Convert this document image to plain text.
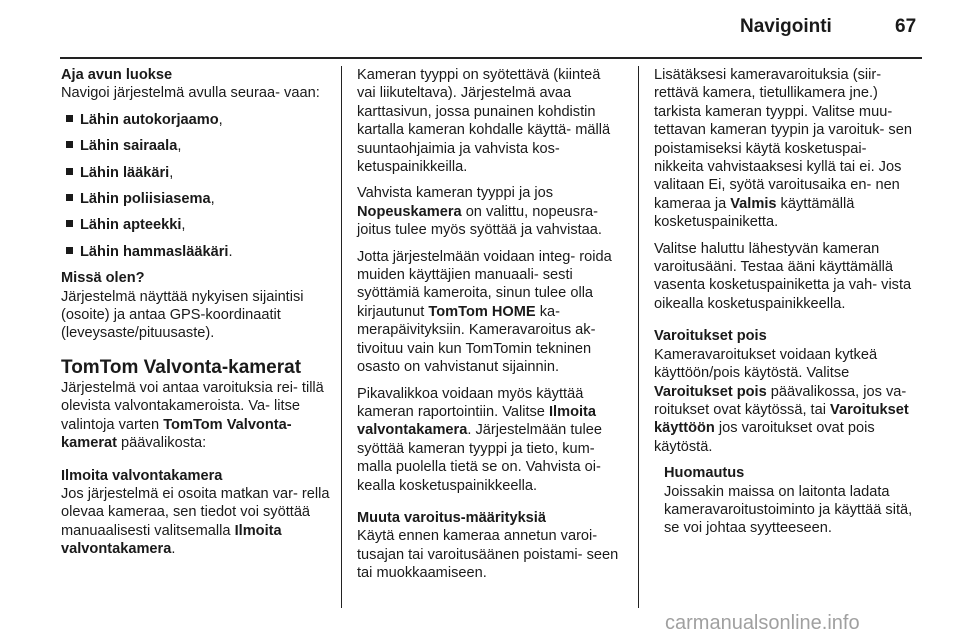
Navigointi	67
Aja avun luokse

Navigoi järjestelmä avulla seuraa- vaan:

Lähin autokorjaamo,
Lähin sairaala,
Lähin lääkäri,
Lähin poliisiasema,
Lähin apteekki,
Lähin hammaslääkäri.
Missä olen?

Järjestelmä näyttää nykyisen sijaintisi (osoite) ja antaa GPS-koordinaatit (leveysaste/pituusaste).

TomTom Valvonta-kamerat

Järjestelmä voi antaa varoituksia rei- tillä olevista valvontakameroista. Va- litse valintoja varten TomTom Valvonta-kamerat päävalikosta:

Ilmoita valvontakamera

Jos järjestelmä ei osoita matkan var- rella olevaa kameraa, sen tiedot voi syöttää manuaalisesti valitsemalla Ilmoita valvontakamera.

Kameran tyyppi on syötettävä (kiinteä vai liikuteltava). Järjestelmä avaa karttasivun, jossa punainen kohdistin kartalla kameran kohdalle käyttä- mällä suuntaohjaimia ja vahvista kos- ketuspainikkeilla.

Vahvista kameran tyyppi ja jos Nopeuskamera on valittu, nopeusra- joitus tulee myös syöttää ja vahvistaa.

Jotta järjestelmään voidaan integ- roida muiden käyttäjien manuaali- sesti syöttämiä kameroita, sinun tulee olla kirjautunut TomTom HOME ka- merapäivityksiin. Kameravaroitus ak- tivoituu vain kun TomTomin tekninen osasto on vahvistanut sijainnin.

Pikavalikkoa voidaan myös käyttää kameran raportointiin. Valitse Ilmoita valvontakamera. Järjestelmään tulee syöttää kameran tyyppi ja tieto, kum- malla puolella tietä se on. Vahvista oi- kealla kosketuspainikkeella.

Muuta varoitus-määrityksiä

Käytä ennen kameraa annetun varoi- tusajan tai varoitusäänen poistami- seen tai muokkaamiseen.

Lisätäksesi kameravaroituksia (siir- rettävä kamera, tietullikamera jne.) tarkista kameran tyyppi. Valitse muu- tettavan kameran tyypin ja varoituk- sen poistamiseksi käytä kosketuspai- nikkeita vahvistaaksesi kyllä tai ei. Jos valitaan Ei, syötä varoitusaika en- nen kameraa ja Valmis käyttämällä kosketuspainiketta.

Valitse haluttu lähestyvän kameran varoitusääni. Testaa ääni käyttämällä vasenta kosketuspainiketta ja vah- vista oikealla kosketuspainikkeella.

Varoitukset pois

Kameravaroitukset voidaan kytkeä käyttöön/pois käytöstä. Valitse Varoitukset pois päävalikossa, jos va- roitukset ovat käytössä, tai Varoitukset käyttöön jos varoitukset ovat pois käytöstä.

Huomautus

Joissakin maissa on laitonta ladata kameravaroitustoiminto ja käyttää sitä, se voi johtaa syytteeseen.

carmanualsonline.info
